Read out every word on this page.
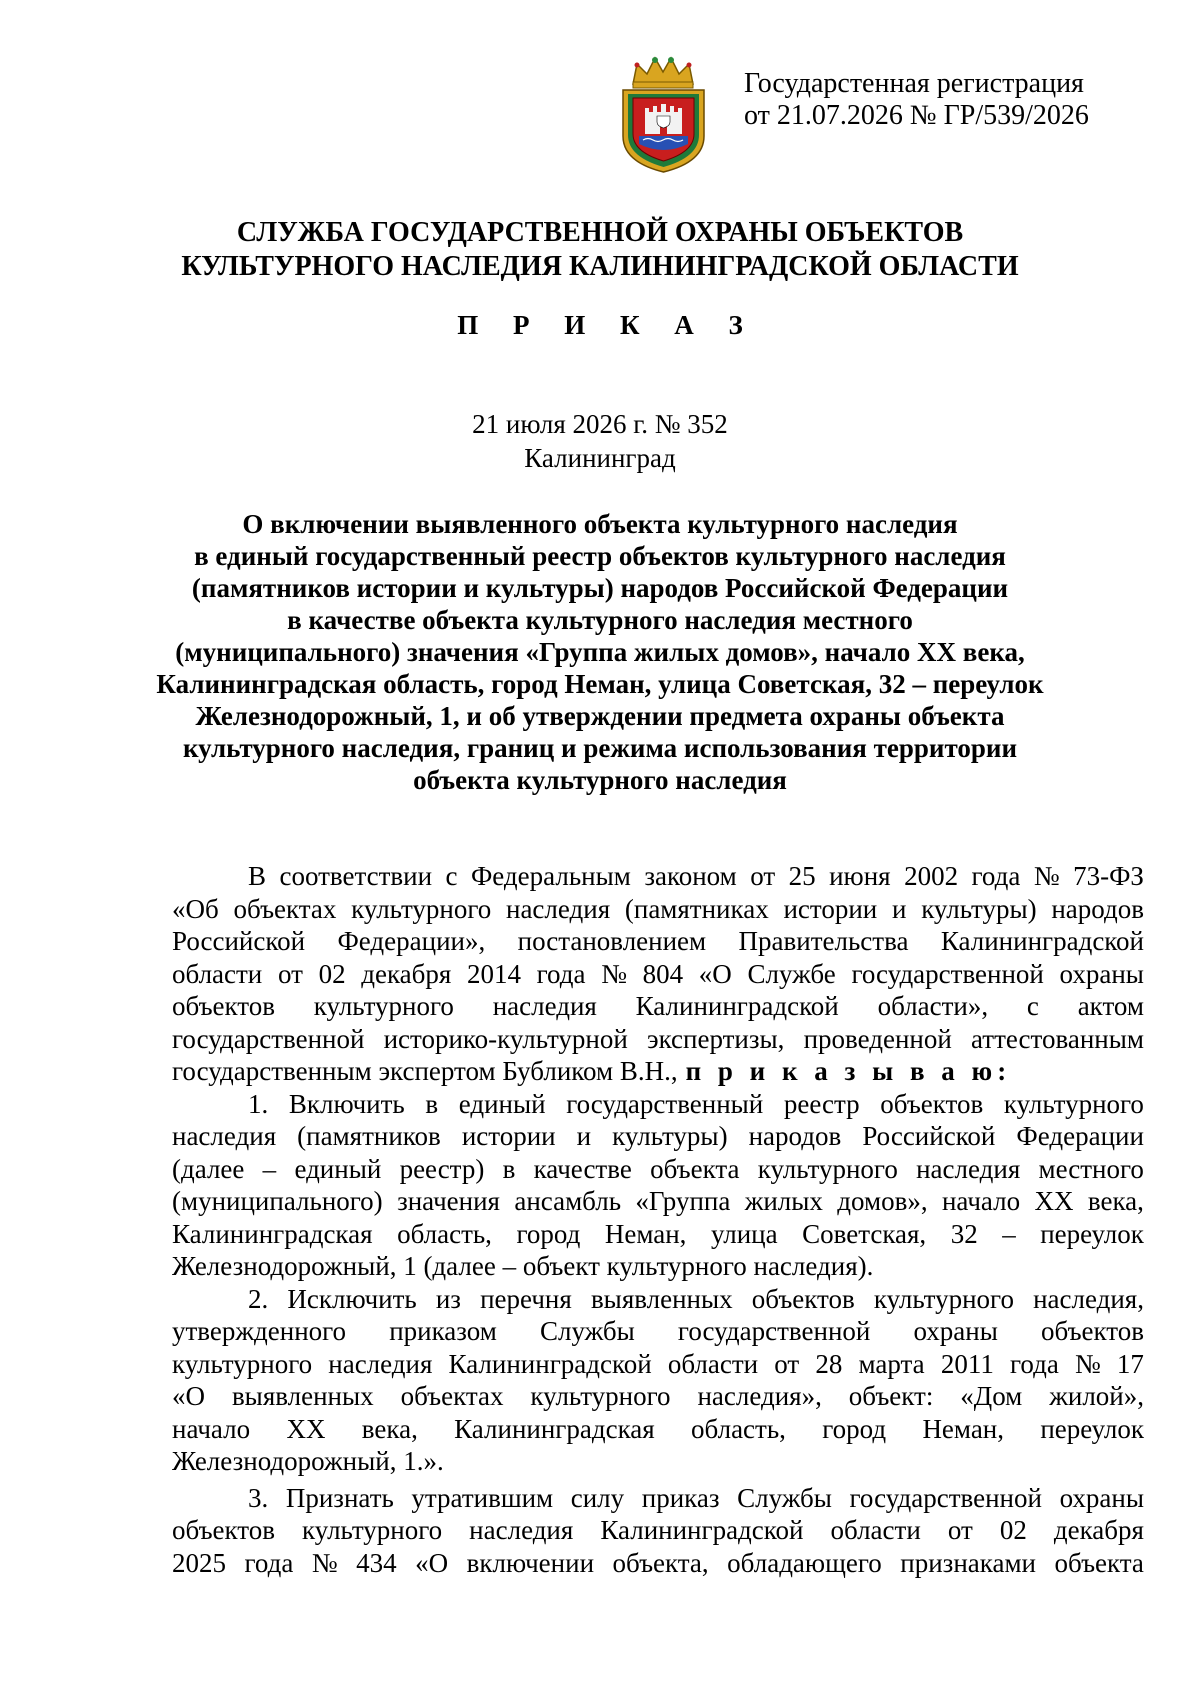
Государстенная регистрация
от 21.07.2026 № ГР/539/2026
СЛУЖБА ГОСУДАРСТВЕННОЙ ОХРАНЫ ОБЪЕКТОВ
КУЛЬТУРНОГО НАСЛЕДИЯ КАЛИНИНГРАДСКОЙ ОБЛАСТИ
П Р И К А З
21 июля 2026 г. № 352
Калининград
О включении выявленного объекта культурного наследия
в единый государственный реестр объектов культурного наследия
(памятников истории и культуры) народов Российской Федерации
в качестве объекта культурного наследия местного
(муниципального) значения «Группа жилых домов», начало XX века,
Калининградская область, город Неман, улица Советская, 32 – переулок
Железнодорожный, 1, и об утверждении предмета охраны объекта
культурного наследия, границ и режима использования территории
объекта культурного наследия
В соответствии с Федеральным законом от 25 июня 2002 года № 73-ФЗ
«Об объектах культурного наследия (памятниках истории и культуры) народов
Российской Федерации», постановлением Правительства Калининградской
области от 02 декабря 2014 года № 804 «О Службе государственной охраны
объектов культурного наследия Калининградской области», с актом
государственной историко-культурной экспертизы, проведенной аттестованным
государственным экспертом Бубликом В.Н., п р и к а з ы в а ю:
1. Включить в единый государственный реестр объектов культурного
наследия (памятников истории и культуры) народов Российской Федерации
(далее – единый реестр) в качестве объекта культурного наследия местного
(муниципального) значения ансамбль «Группа жилых домов», начало XX века,
Калининградская область, город Неман, улица Советская, 32 – переулок
Железнодорожный, 1 (далее – объект культурного наследия).
2. Исключить из перечня выявленных объектов культурного наследия,
утвержденного приказом Службы государственной охраны объектов
культурного наследия Калининградской области от 28 марта 2011 года № 17
«О выявленных объектах культурного наследия», объект: «Дом жилой»,
начало XX века, Калининградская область, город Неман, переулок
Железнодорожный, 1.».
3. Признать утратившим силу приказ Службы государственной охраны
объектов культурного наследия Калининградской области от 02 декабря
2025 года № 434 «О включении объекта, обладающего признаками объекта
